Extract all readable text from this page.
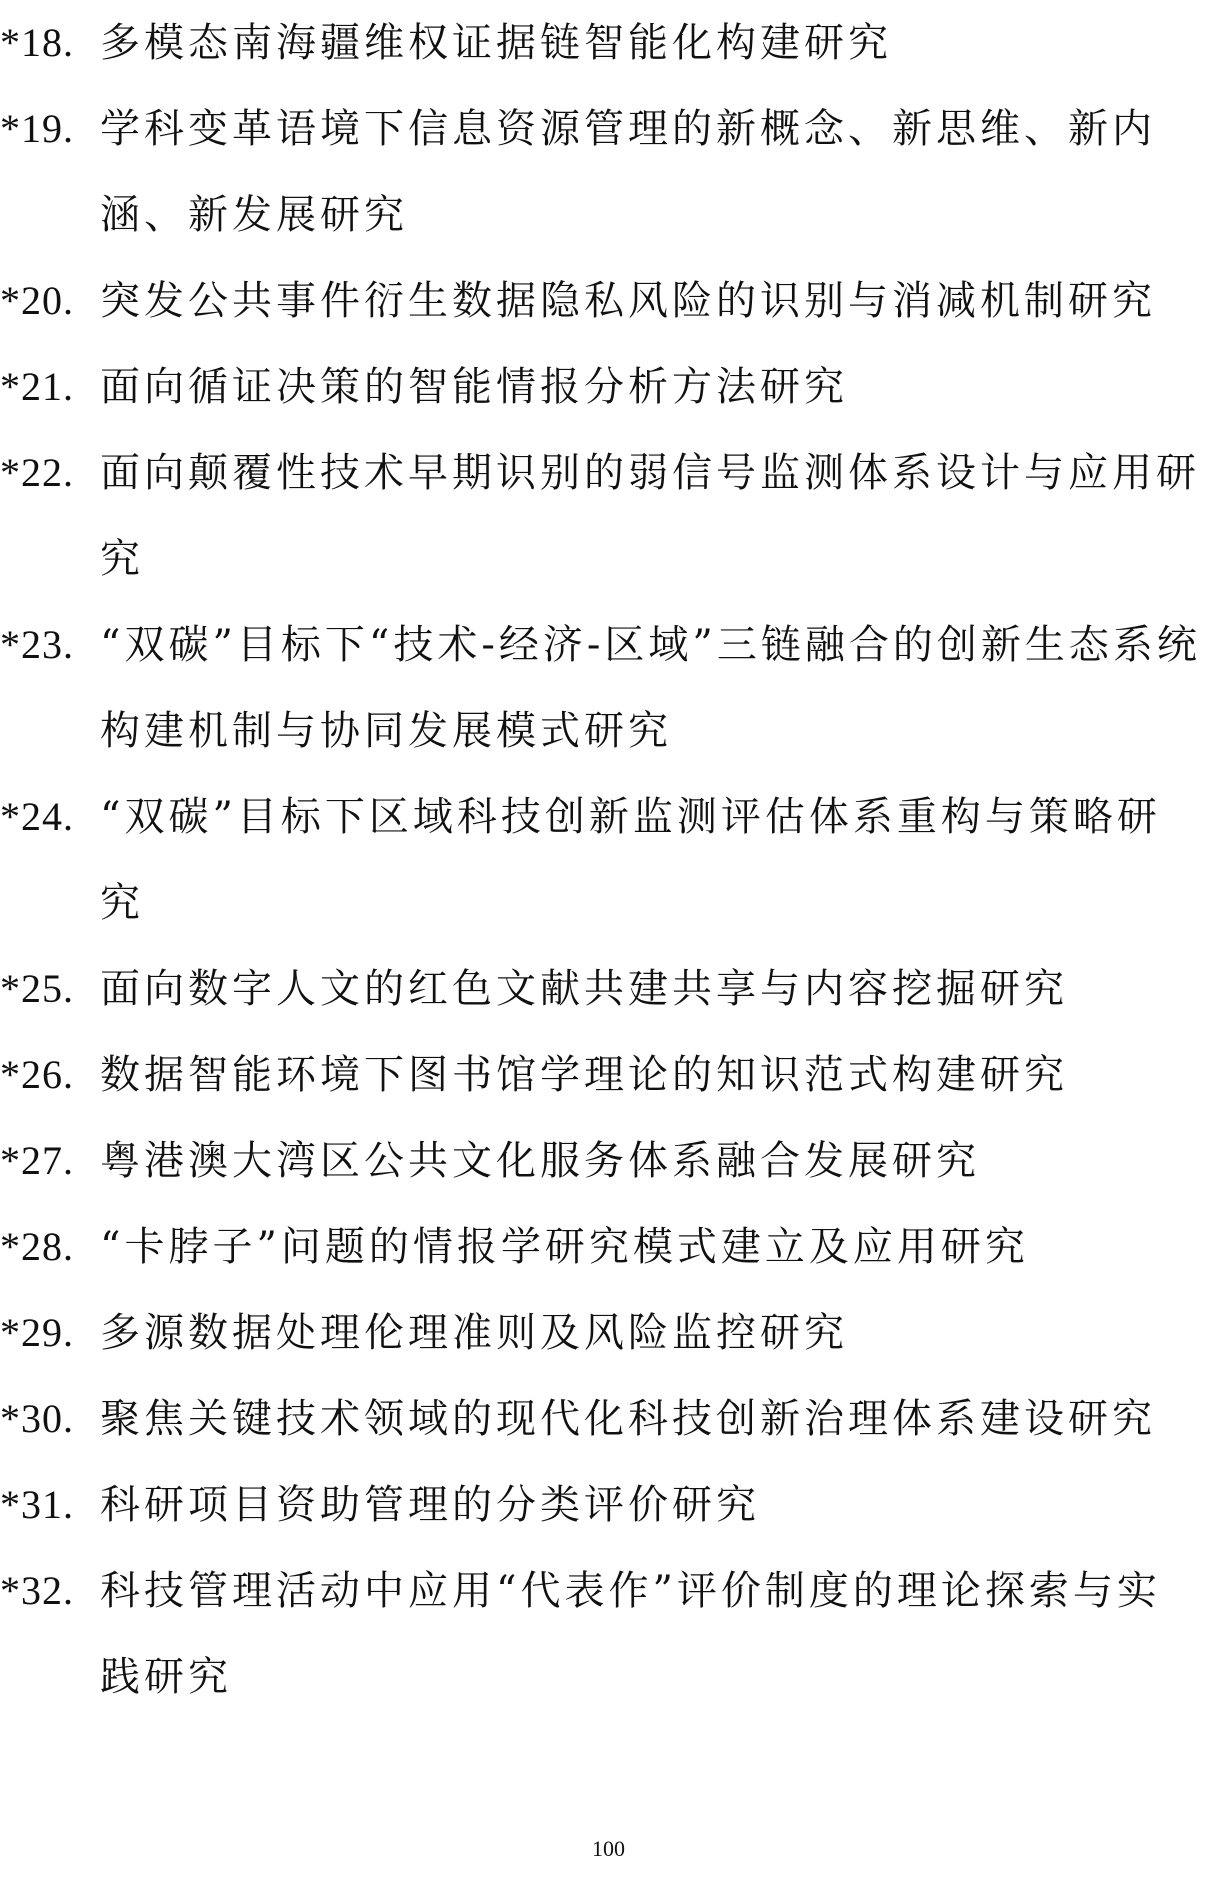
*18. 多模态南海疆维权证据链智能化构建研究
*19. 学科变革语境下信息资源管理的新概念、新思维、新内涵、新发展研究
*20. 突发公共事件衍生数据隐私风险的识别与消减机制研究
*21. 面向循证决策的智能情报分析方法研究
*22. 面向颠覆性技术早期识别的弱信号监测体系设计与应用研究
*23. “双碳”目标下“技术-经济-区域”三链融合的创新生态系统构建机制与协同发展模式研究
*24. “双碳”目标下区域科技创新监测评估体系重构与策略研究
*25. 面向数字人文的红色文献共建共享与内容挖掘研究
*26. 数据智能环境下图书馆学理论的知识范式构建研究
*27. 粤港澳大湾区公共文化服务体系融合发展研究
*28. “卡脖子”问题的情报学研究模式建立及应用研究
*29. 多源数据处理伦理准则及风险监控研究
*30. 聚焦关键技术领域的现代化科技创新治理体系建设研究
*31. 科研项目资助管理的分类评价研究
*32. 科技管理活动中应用“代表作”评价制度的理论探索与实践研究
100
